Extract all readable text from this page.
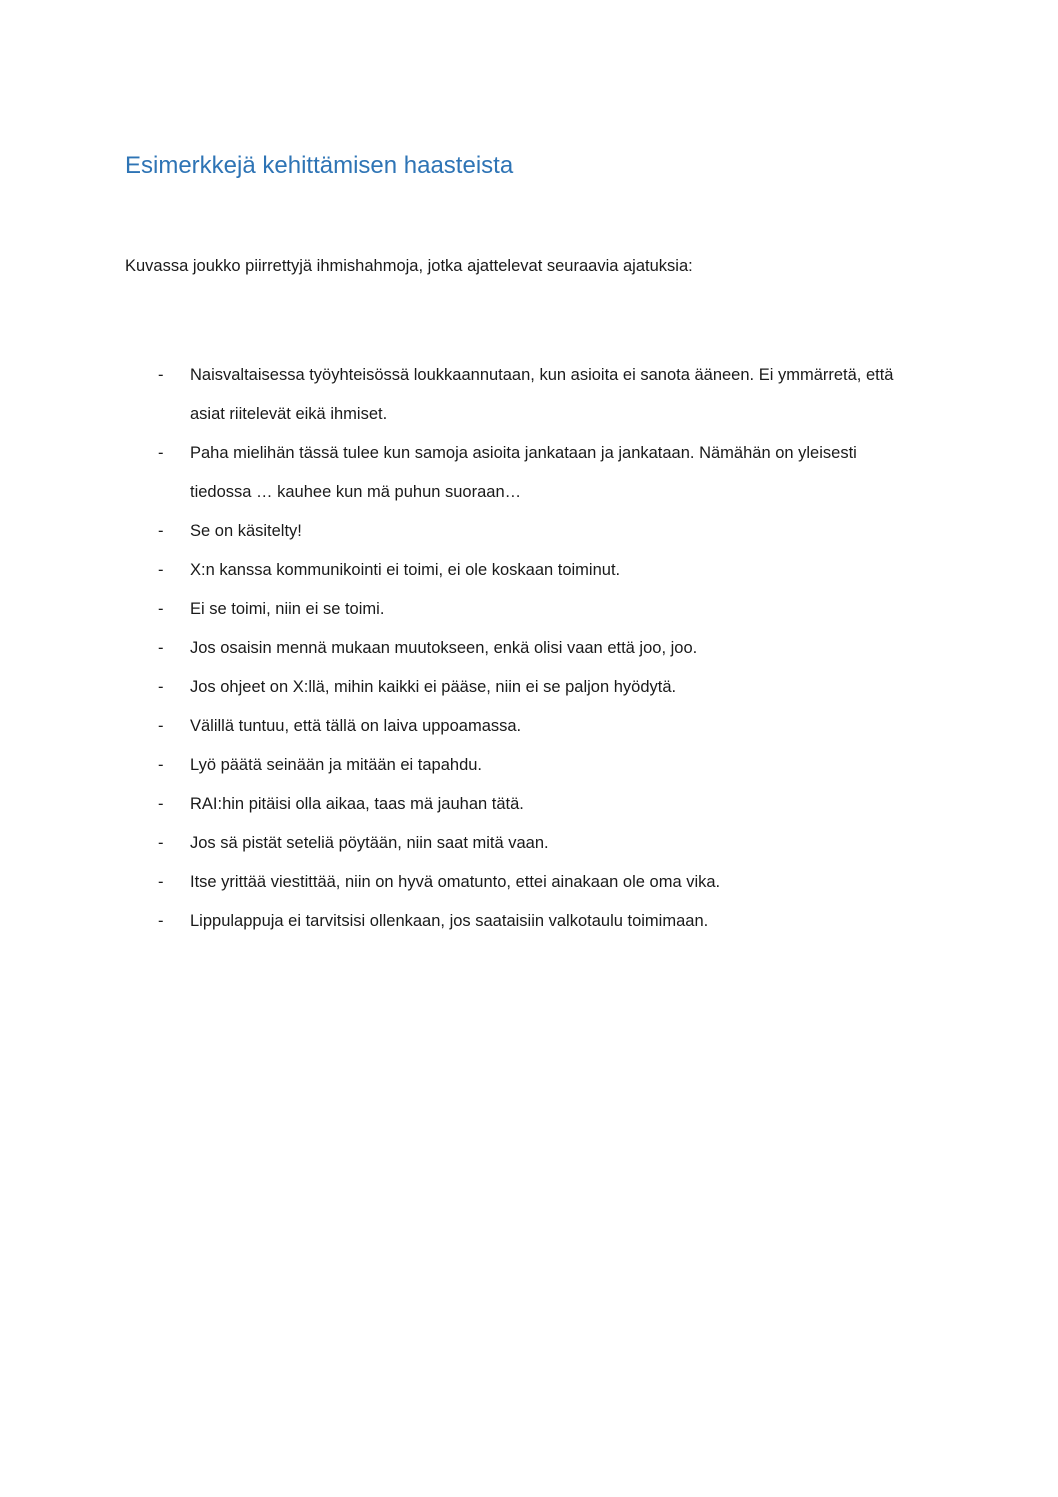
Esimerkkejä kehittämisen haasteista

Kuvassa joukko piirrettyjä ihmishahmoja, jotka ajattelevat seuraavia ajatuksia:

- Naisvaltaisessa työyhteisössä loukkaannutaan, kun asioita ei sanota ääneen. Ei ymmärretä, että asiat riitelevät eikä ihmiset.
- Paha mielihän tässä tulee kun samoja asioita jankataan ja jankataan. Nämähän on yleisesti tiedossa … kauhee kun mä puhun suoraan…
- Se on käsitelty!
- X:n kanssa kommunikointi ei toimi, ei ole koskaan toiminut.
- Ei se toimi, niin ei se toimi.
- Jos osaisin mennä mukaan muutokseen, enkä olisi vaan että joo, joo.
- Jos ohjeet on X:llä, mihin kaikki ei pääse, niin ei se paljon hyödytä.
- Välillä tuntuu, että tällä on laiva uppoamassa.
- Lyö päätä seinään ja mitään ei tapahdu.
- RAI:hin pitäisi olla aikaa, taas mä jauhan tätä.
- Jos sä pistät seteliä pöytään, niin saat mitä vaan.
- Itse yrittää viestittää, niin on hyvä omatunto, ettei ainakaan ole oma vika.
- Lippulappuja ei tarvitsisi ollenkaan, jos saataisiin valkotaulu toimimaan.
